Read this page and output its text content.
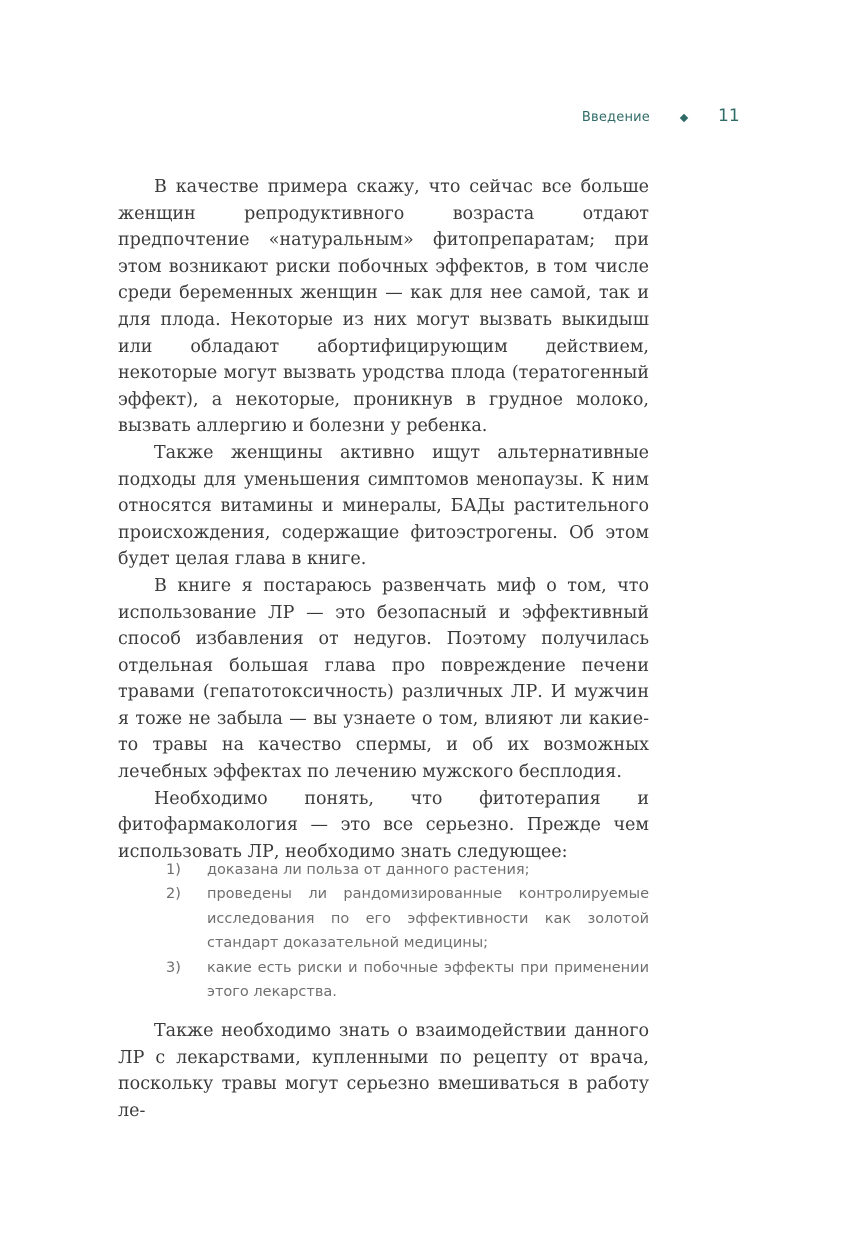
Введение	11

В качестве примера скажу, что сейчас все больше женщин репродуктивного возраста отдают предпочтение «натуральным» фитопрепаратам; при этом возникают риски побочных эффектов, в том числе среди беременных женщин — как для нее самой, так и для плода. Некоторые из них могут вызвать выкидыш или обладают абортифицирующим действием, некоторые могут вызвать уродства плода (тератогенный эффект), а некоторые, проникнув в грудное молоко, вызвать аллергию и болезни у ребенка.

Также женщины активно ищут альтернативные подходы для уменьшения симптомов менопаузы. К ним относятся витамины и минералы, БАДы растительного происхождения, содержащие фитоэстрогены. Об этом будет целая глава в книге.

В книге я постараюсь развенчать миф о том, что использование ЛР — это безопасный и эффективный способ избавления от недугов. Поэтому получилась отдельная большая глава про повреждение печени травами (гепатотоксичность) различных ЛР. И мужчин я тоже не забыла — вы узнаете о том, влияют ли какие-то травы на качество спермы, и об их возможных лечебных эффектах по лечению мужского бесплодия.

Необходимо понять, что фитотерапия и фитофармакология — это все серьезно. Прежде чем использовать ЛР, необходимо знать следующее:

1)	доказана ли польза от данного растения;
2)	проведены ли рандомизированные контролируемые исследования по его эффективности как золотой стандарт доказательной медицины;
3)	какие есть риски и побочные эффекты при применении этого лекарства.

Также необходимо знать о взаимодействии данного ЛР с лекарствами, купленными по рецепту от врача, поскольку травы могут серьезно вмешиваться в работу ле-
